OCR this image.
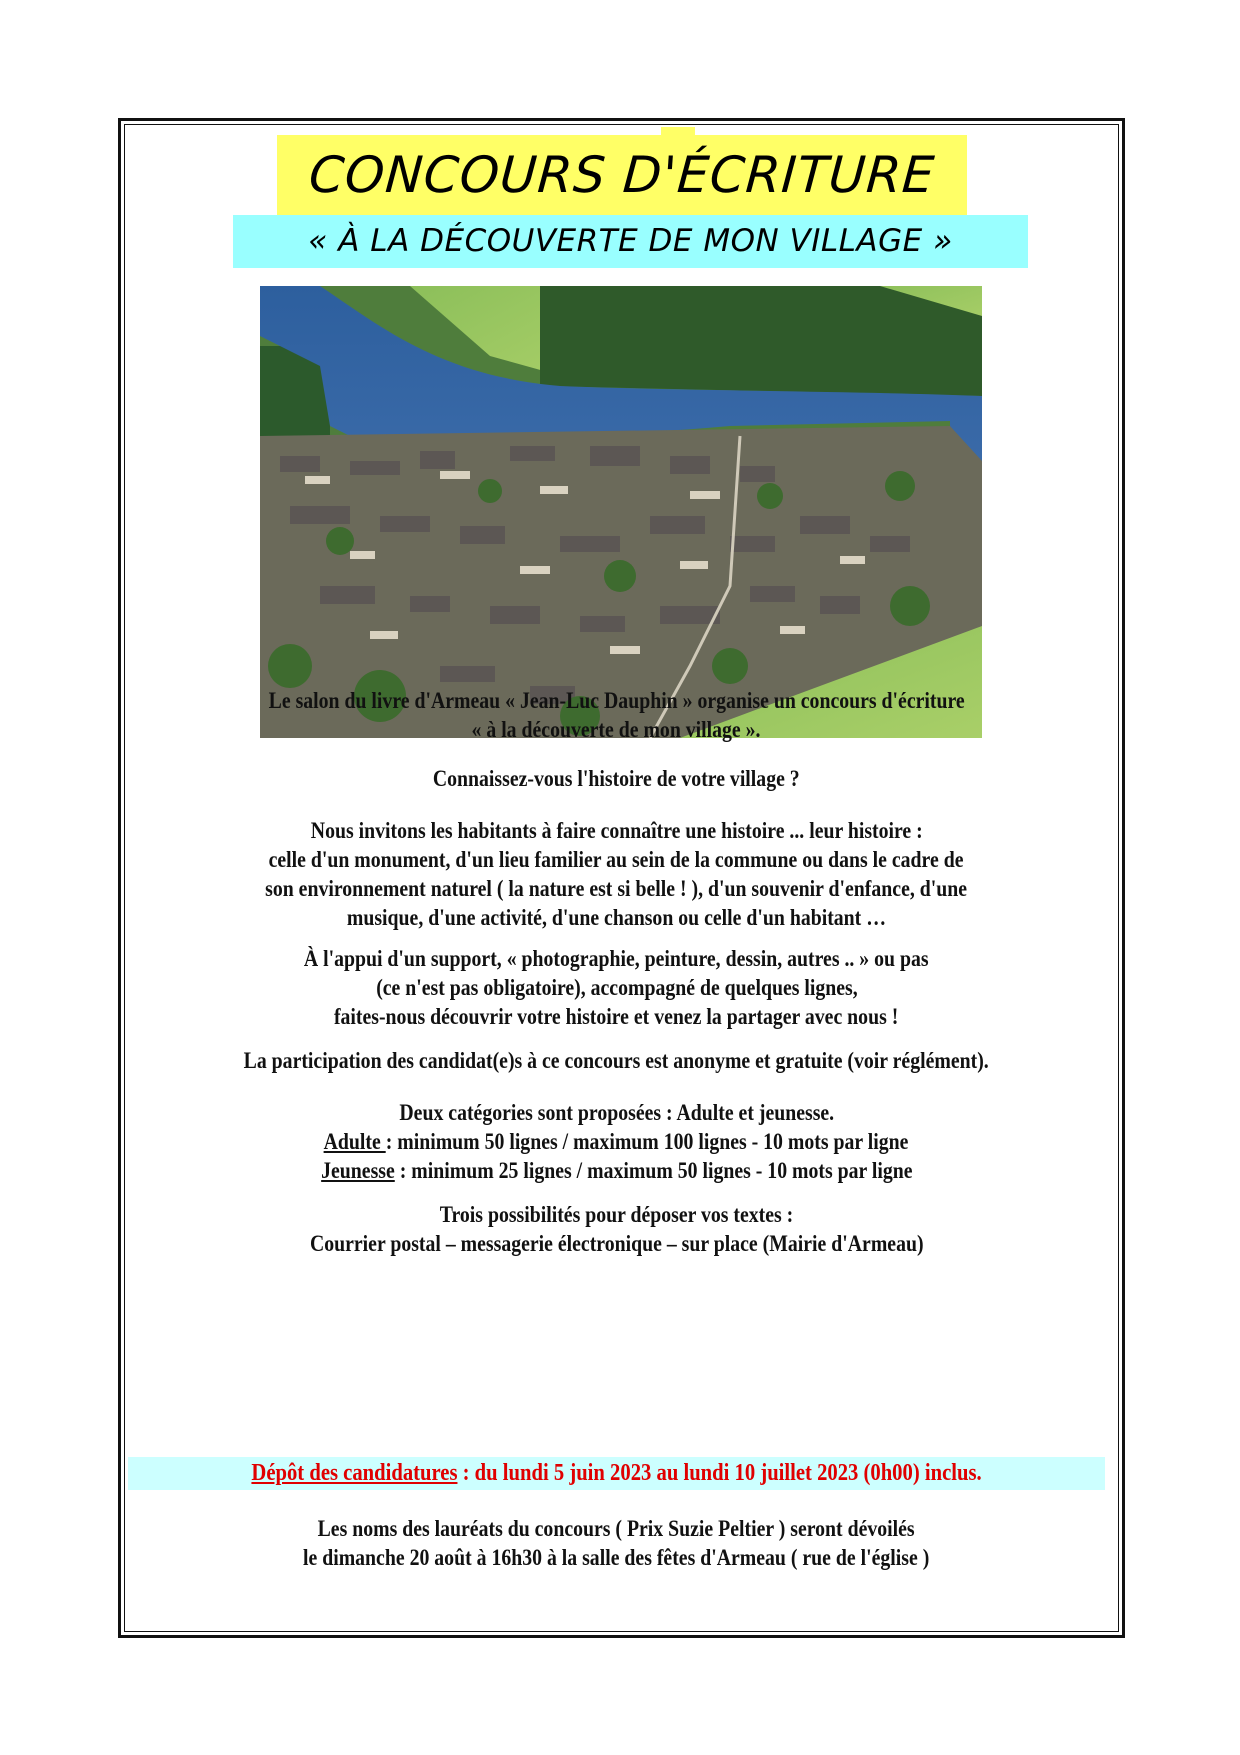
CONCOURS D'ÉCRITURE
« À LA DÉCOUVERTE DE MON VILLAGE »
Le salon du livre d'Armeau « Jean-Luc Dauphin » organise un concours d'écriture
« à la découverte de mon village ».
Connaissez-vous l'histoire de votre village ?
Nous invitons les habitants à faire connaître une histoire ... leur histoire :
celle d'un monument, d'un lieu familier au sein de la commune ou dans le cadre de
son environnement naturel ( la nature est si belle ! ), d'un souvenir d'enfance, d'une
musique, d'une activité, d'une chanson ou celle d'un habitant …
À l'appui d'un support, « photographie, peinture, dessin, autres .. » ou pas
(ce n'est pas obligatoire), accompagné de quelques lignes,
faites-nous découvrir votre histoire et venez la partager avec nous !
La participation des candidat(e)s à ce concours est anonyme et gratuite (voir réglément).
Deux catégories sont proposées : Adulte et jeunesse.
Adulte : minimum 50 lignes / maximum 100 lignes - 10 mots par ligne
Jeunesse : minimum 25 lignes / maximum 50 lignes - 10 mots par ligne
Trois possibilités pour déposer vos textes :
Courrier postal – messagerie électronique – sur place (Mairie d'Armeau)
Dépôt des candidatures : du lundi 5 juin 2023 au lundi 10 juillet 2023 (0h00) inclus.
Les noms des lauréats du concours ( Prix Suzie Peltier ) seront dévoilés
le dimanche 20 août à 16h30 à la salle des fêtes d'Armeau ( rue de l'église )
